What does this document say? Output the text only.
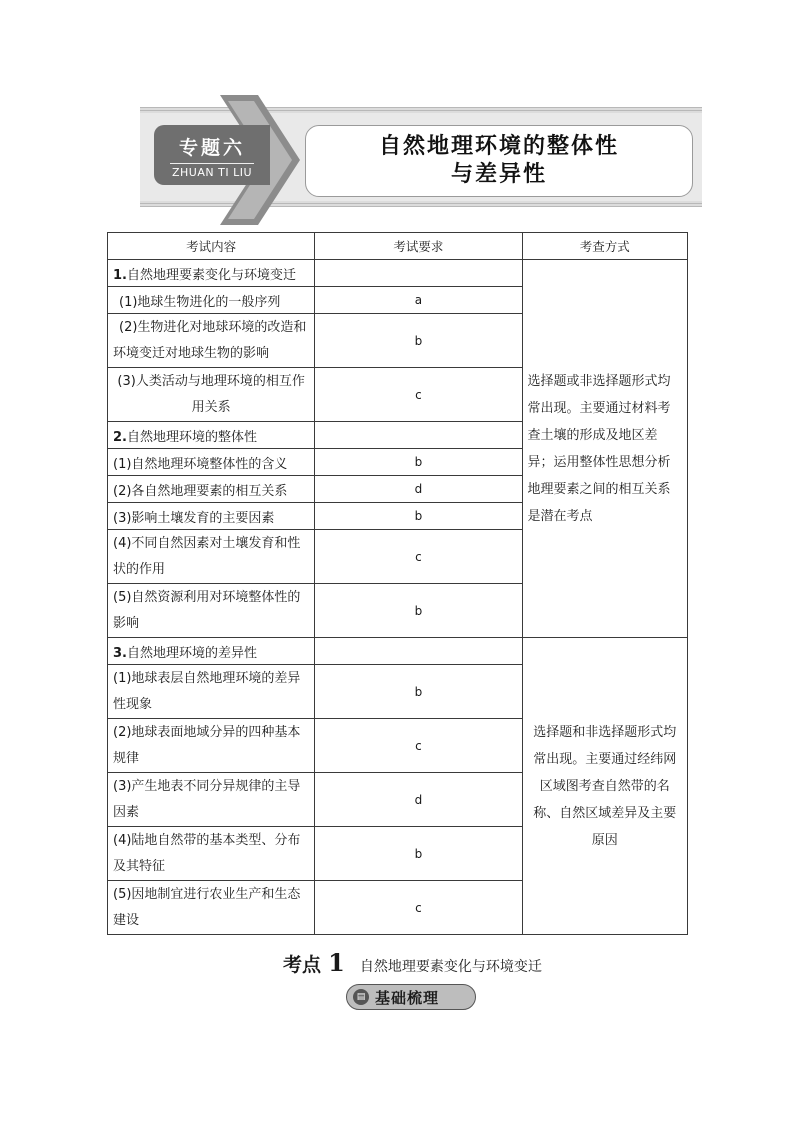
专题六
ZHUAN TI LIU
自然地理环境的整体性
与差异性
考试内容	考试要求	考查方式
1.自然地理要素变化与环境变迁		选择题或非选择题形式均常出现。主要通过材料考查土壤的形成及地区差异；运用整体性思想分析地理要素之间的相互关系是潜在考点
(1)地球生物进化的一般序列	a	
(2)生物进化对地球环境的改造和环境变迁对地球生物的影响	b	
(3)人类活动与地理环境的相互作用关系	c	
2.自然地理环境的整体性		
(1)自然地理环境整体性的含义	b	
(2)各自然地理要素的相互关系	d	
(3)影响土壤发育的主要因素	b	
(4)不同自然因素对土壤发育和性状的作用	c	
(5)自然资源利用对环境整体性的影响	b	
3.自然地理环境的差异性		选择题和非选择题形式均常出现。主要通过经纬网区域图考查自然带的名称、自然区域差异及主要原因
(1)地球表层自然地理环境的差异性现象	b	
(2)地球表面地域分异的四种基本规律	c	
(3)产生地表不同分异规律的主导因素	d	
(4)陆地自然带的基本类型、分布及其特征	b	
(5)因地制宜进行农业生产和生态建设	c	
考点 1 自然地理要素变化与环境变迁
▤ 基础梳理
